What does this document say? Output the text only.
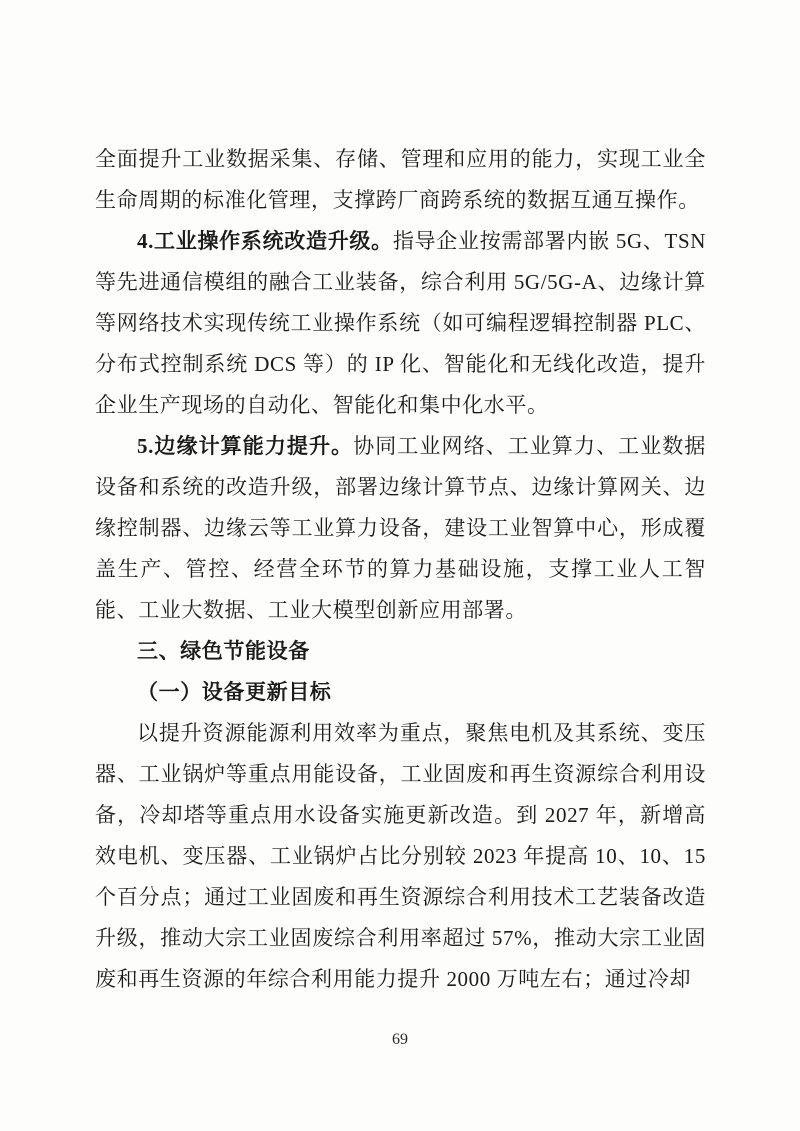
全面提升工业数据采集、存储、管理和应用的能力，实现工业全生命周期的标准化管理，支撑跨厂商跨系统的数据互通互操作。

4.工业操作系统改造升级。指导企业按需部署内嵌 5G、TSN 等先进通信模组的融合工业装备，综合利用 5G/5G-A、边缘计算等网络技术实现传统工业操作系统（如可编程逻辑控制器 PLC、分布式控制系统 DCS 等）的 IP 化、智能化和无线化改造，提升企业生产现场的自动化、智能化和集中化水平。

5.边缘计算能力提升。协同工业网络、工业算力、工业数据设备和系统的改造升级，部署边缘计算节点、边缘计算网关、边缘控制器、边缘云等工业算力设备，建设工业智算中心，形成覆盖生产、管控、经营全环节的算力基础设施，支撑工业人工智能、工业大数据、工业大模型创新应用部署。

三、绿色节能设备

（一）设备更新目标

以提升资源能源利用效率为重点，聚焦电机及其系统、变压器、工业锅炉等重点用能设备，工业固废和再生资源综合利用设备，冷却塔等重点用水设备实施更新改造。到 2027 年，新增高效电机、变压器、工业锅炉占比分别较 2023 年提高 10、10、15 个百分点；通过工业固废和再生资源综合利用技术工艺装备改造升级，推动大宗工业固废综合利用率超过 57%，推动大宗工业固废和再生资源的年综合利用能力提升 2000 万吨左右；通过冷却

69
